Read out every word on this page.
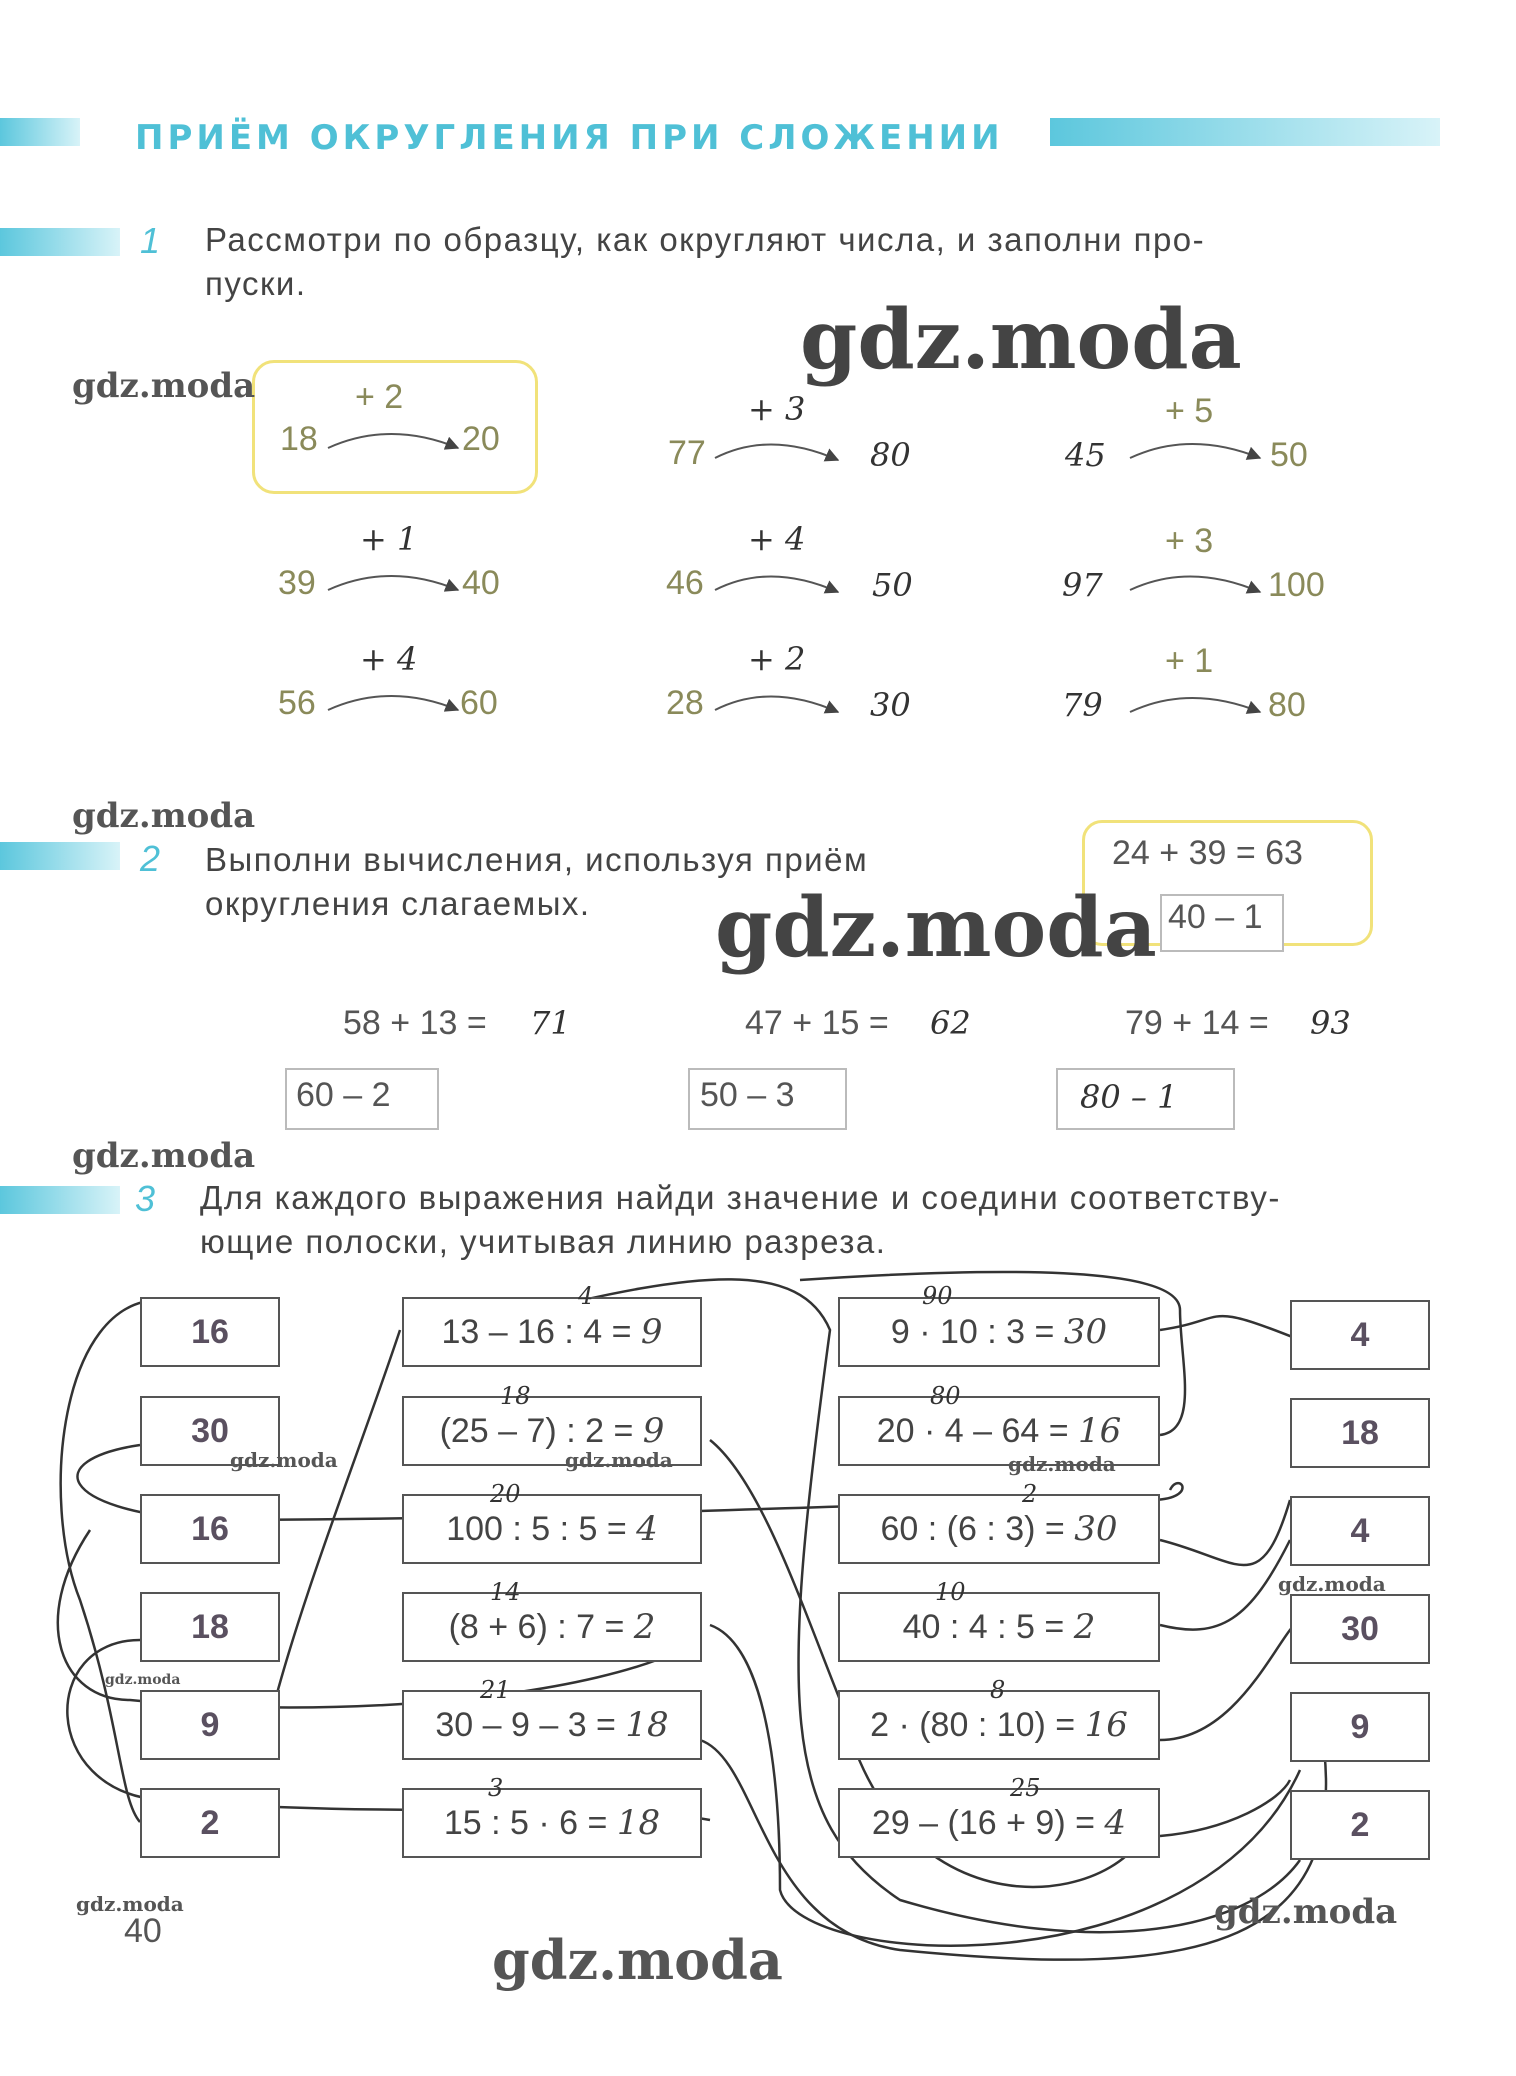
ПРИЁМ ОКРУГЛЕНИЯ ПРИ СЛОЖЕНИИ
1 Рассмотри по образцу, как округляют числа, и заполни про-
пуски.
18
+ 2
20	77
+ 3
80	45
+ 5
50
39
+ 1
40	46
+ 4
50	97
+ 3
100
56
+ 4
60	28
+ 2
30	79
+ 1
80
2 Выполни вычисления, используя приём
округления слагаемых.
24 + 39 = 63
40 – 1
58 + 13 = 71
60 – 2
47 + 15 = 62
50 – 3
79 + 14 = 93
80 – 1
3 Для каждого выражения найди значение и соедини соответству-
ющие полоски, учитывая линию разреза.
16
30
16
18
9
2
13 – 16 : 4 =
9
(25 – 7) : 2 =
9
100 : 5 : 5 =
4
(8 + 6) : 7 =
2
30 – 9 – 3 =
18
15 : 5 · 6 =
18
4
18
20
14
21
3
9 · 10 : 3 =
30
20 · 4 – 64 =
16
60 : (6 : 3) =
30
40 : 4 : 5 =
2
2 · (80 : 10) =
16
29 – (16 + 9) =
4
90
80
2
10
8
25
4
18
4
30
9
2
gdz.moda
gdz.moda
gdz.moda
gdz.moda
gdz.moda
gdz.moda	gdz.moda	gdz.moda
gdz.moda
gdz.moda
gdz.moda	gdz.moda
gdz.moda
40
